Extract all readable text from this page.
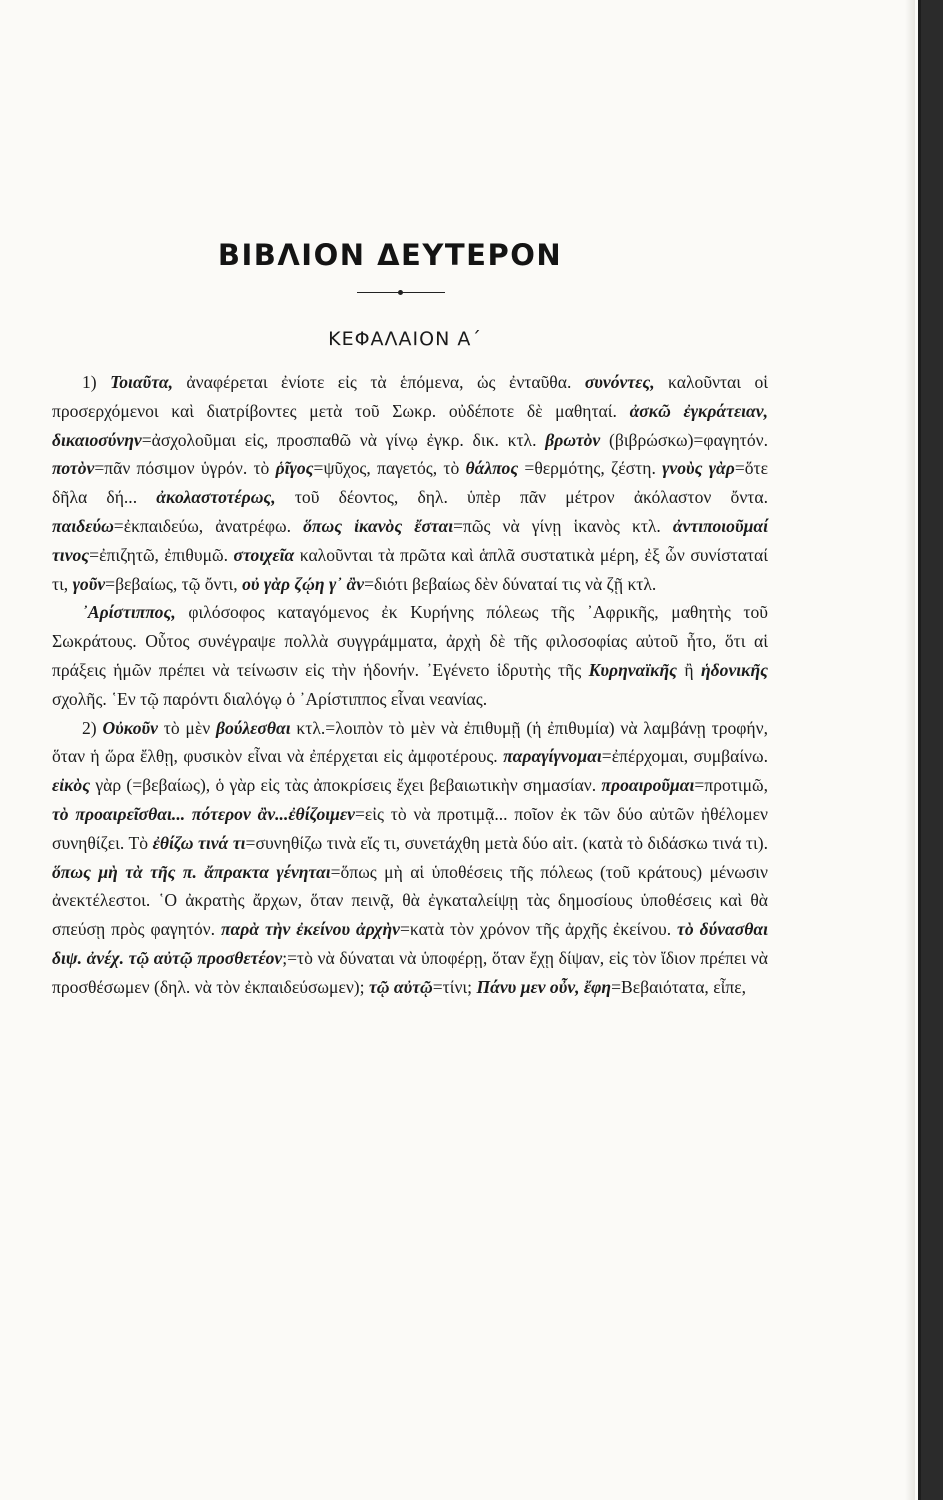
ΒΙΒΛΙΟΝ ΔΕΥΤΕΡΟΝ
ΚΕΦΑΛΑΙΟΝ Α΄

1) Τοιαῦτα, ἀναφέρεται ἐνίοτε εἰς τὰ ἑπόμενα, ὡς ἐνταῦθα. συνόντες, καλοῦνται οἱ προσερχόμενοι καὶ διατρίβοντες μετὰ τοῦ Σωκρ. οὐδέποτε δὲ μαθηταί. ἀσκῶ ἐγκράτειαν, δικαιοσύνην=ἀσχολοῦμαι εἰς, προσπαθῶ νὰ γίνῳ ἐγκρ. δικ. κτλ. βρωτὸν (βιβρώσκω)=φαγητόν. ποτὸν=πᾶν πόσιμον ὑγρόν. τὸ ῥῖγος=ψῦχος, παγετός, τὸ θάλπος =θερμότης, ζέστη. γνοὺς γὰρ=ὅτε δῆλα δή... ἀκολαστοτέρως, τοῦ δέοντος, δηλ. ὑπὲρ πᾶν μέτρον ἀκόλαστον ὄντα. παιδεύω=ἐκπαιδεύω, ἀνατρέφω. ὅπως ἱκανὸς ἔσται=πῶς νὰ γίνῃ ἱκανὸς κτλ. ἀντιποιοῦμαί τινος=ἐπιζητῶ, ἐπιθυμῶ. στοιχεῖα καλοῦνται τὰ πρῶτα καὶ ἁπλᾶ συστατικὰ μέρη, ἐξ ὧν συνίσταταί τι, γοῦν=βεβαίως, τῷ ὄντι, οὐ γὰρ ζῴη γ᾽ ἂν=διότι βεβαίως δὲν δύναταί τις νὰ ζῇ κτλ.

᾽Αρίστιππος, φιλόσοφος καταγόμενος ἐκ Κυρήνης πόλεως τῆς ᾽Αφρικῆς, μαθητὴς τοῦ Σωκράτους. Οὗτος συνέγραψε πολλὰ συγγράμματα, ἀρχὴ δὲ τῆς φιλοσοφίας αὐτοῦ ἦτο, ὅτι αἱ πράξεις ἡμῶν πρέπει νὰ τείνωσιν εἰς τὴν ἡδονήν. ᾽Εγένετο ἱδρυτὴς τῆς Κυρηναϊκῆς ἢ ἡδονικῆς σχολῆς. ῾Εν τῷ παρόντι διαλόγῳ ὁ ᾽Αρίστιππος εἶναι νεανίας.

2) Οὐκοῦν τὸ μὲν βούλεσθαι κτλ.=λοιπὸν τὸ μὲν νὰ ἐπιθυμῇ (ἡ ἐπιθυμία) νὰ λαμβάνῃ τροφήν, ὅταν ἡ ὥρα ἔλθῃ, φυσικὸν εἶναι νὰ ἐπέρχεται εἰς ἀμφοτέρους. παραγίγνομαι=ἐπέρχομαι, συμβαίνω. εἰκὸς γὰρ (=βεβαίως), ὁ γὰρ εἰς τὰς ἀποκρίσεις ἔχει βεβαιωτικὴν σημασίαν. προαιροῦμαι=προτιμῶ, τὸ προαιρεῖσθαι... πότερον ἂν...ἐθίζοιμεν=εἰς τὸ νὰ προτιμᾷ... ποῖον ἐκ τῶν δύο αὐτῶν ἠθέλομεν συνηθίζει. Τὸ ἐθίζω τινά τι=συνηθίζω τινὰ εἴς τι, συνετάχθη μετὰ δύο αἰτ. (κατὰ τὸ διδάσκω τινά τι). ὅπως μὴ τὰ τῆς π. ἄπρακτα γένηται=ὅπως μὴ αἱ ὑποθέσεις τῆς πόλεως (τοῦ κράτους) μένωσιν ἀνεκτέλεστοι. ῾Ο ἀκρατὴς ἄρχων, ὅταν πεινᾷ, θὰ ἐγκαταλείψῃ τὰς δημοσίους ὑποθέσεις καὶ θὰ σπεύσῃ πρὸς φαγητόν. παρὰ τὴν ἐκείνου ἀρχὴν=κατὰ τὸν χρόνον τῆς ἀρχῆς ἐκείνου. τὸ δύνασθαι διψ. ἀνέχ. τῷ αὐτῷ προσθετέον;=τὸ νὰ δύναται νὰ ὑποφέρῃ, ὅταν ἔχῃ δίψαν, εἰς τὸν ἴδιον πρέπει νὰ προσθέσωμεν (δηλ. νὰ τὸν ἐκπαιδεύσωμεν); τῷ αὐτῷ=τίνι; Πάνυ μεν οὖν, ἔφη=Βεβαιότατα, εἶπε,
